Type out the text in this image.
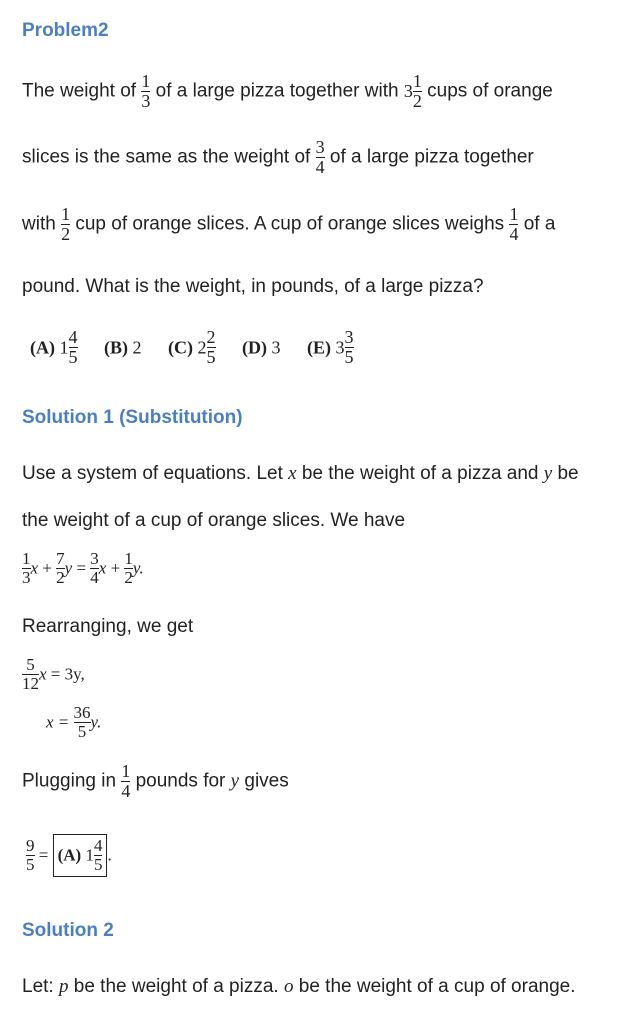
Problem2
The weight of $\frac{1}{3}$ of a large pizza together with $3 \frac{1}{2}$ cups of orange
slices is the same as the weight of $\frac{3}{4}$ of a large pizza together
with $\frac{1}{2}$ cup of orange slices. A cup of orange slices weighs $\frac{1}{4}$ of a
pound. What is the weight, in pounds, of a large pizza?
(A) $1 \frac{4}{5} (B)$ 2 (C) $2 \frac{2}{5} (D)$ 3 (E) $3 \frac{3}{5}$
Solution 1 (Substitution)
Use a system of equations. Let x be the weight of a pizza and y be
the weight of a cup of orange slices. We have
$\frac{1}{3}$ $x + \frac{7}{2}$ $y = \frac{3}{4}$ $x + \frac{1}{2} y$.
Rearranging, we get
$\frac{5}{12}$ x = 3y,
$x = \frac{36}{5} y$.
Plugging in $\frac{1}{4}$ pounds for y gives
$\frac{9}{5} = (A)$ $1 \frac{4}{5}$ .
Solution 2
Let: p be the weight of a pizza. o be the weight of a cup of orange.
